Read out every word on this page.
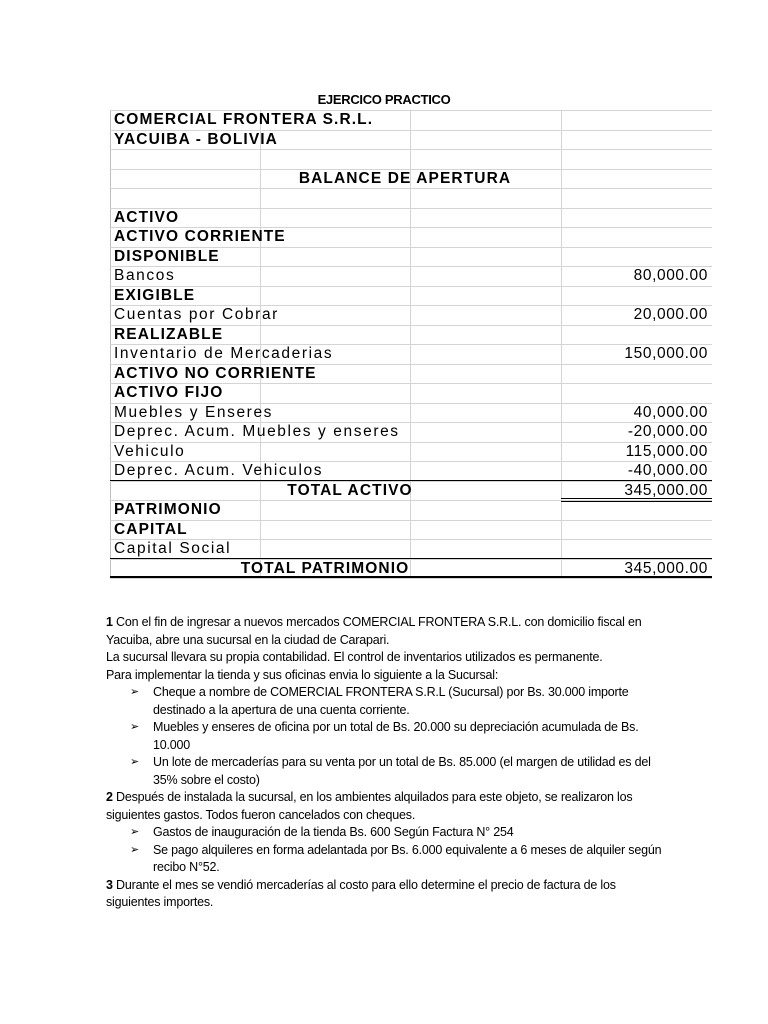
EJERCICO PRACTICO
COMERCIAL FRONTERA S.R.L.
YACUIBA - BOLIVIA
BALANCE DE APERTURA
ACTIVO
ACTIVO CORRIENTE
DISPONIBLE
Bancos	80,000.00
EXIGIBLE
Cuentas por Cobrar	20,000.00
REALIZABLE
Inventario de Mercaderias	150,000.00
ACTIVO NO CORRIENTE
ACTIVO FIJO
Muebles y Enseres	40,000.00
Deprec. Acum. Muebles y enseres	-20,000.00
Vehiculo	115,000.00
Deprec. Acum. Vehiculos	-40,000.00
TOTAL ACTIVO	345,000.00
PATRIMONIO
CAPITAL
Capital Social
TOTAL PATRIMONIO	345,000.00

1 Con el fin de ingresar a nuevos mercados COMERCIAL FRONTERA S.R.L. con domicilio fiscal en Yacuiba, abre una sucursal en la ciudad de Carapari.

La sucursal llevara su propia contabilidad. El control de inventarios utilizados es permanente.

Para implementar la tienda y sus oficinas envia lo siguiente a la Sucursal:

➢ Cheque a nombre de COMERCIAL FRONTERA S.R.L (Sucursal) por Bs. 30.000 importe destinado a la apertura de una cuenta corriente.

➢ Muebles y enseres de oficina por un total de Bs. 20.000 su depreciación acumulada de Bs. 10.000

➢ Un lote de mercaderías para su venta por un total de Bs. 85.000 (el margen de utilidad es del 35% sobre el costo)

2 Después de instalada la sucursal, en los ambientes alquilados para este objeto, se realizaron los siguientes gastos. Todos fueron cancelados con cheques.

➢ Gastos de inauguración de la tienda Bs. 600 Según Factura N° 254

➢ Se pago alquileres en forma adelantada por Bs. 6.000 equivalente a 6 meses de alquiler según recibo N°52.

3 Durante el mes se vendió mercaderías al costo para ello determine el precio de factura de los siguientes importes.
